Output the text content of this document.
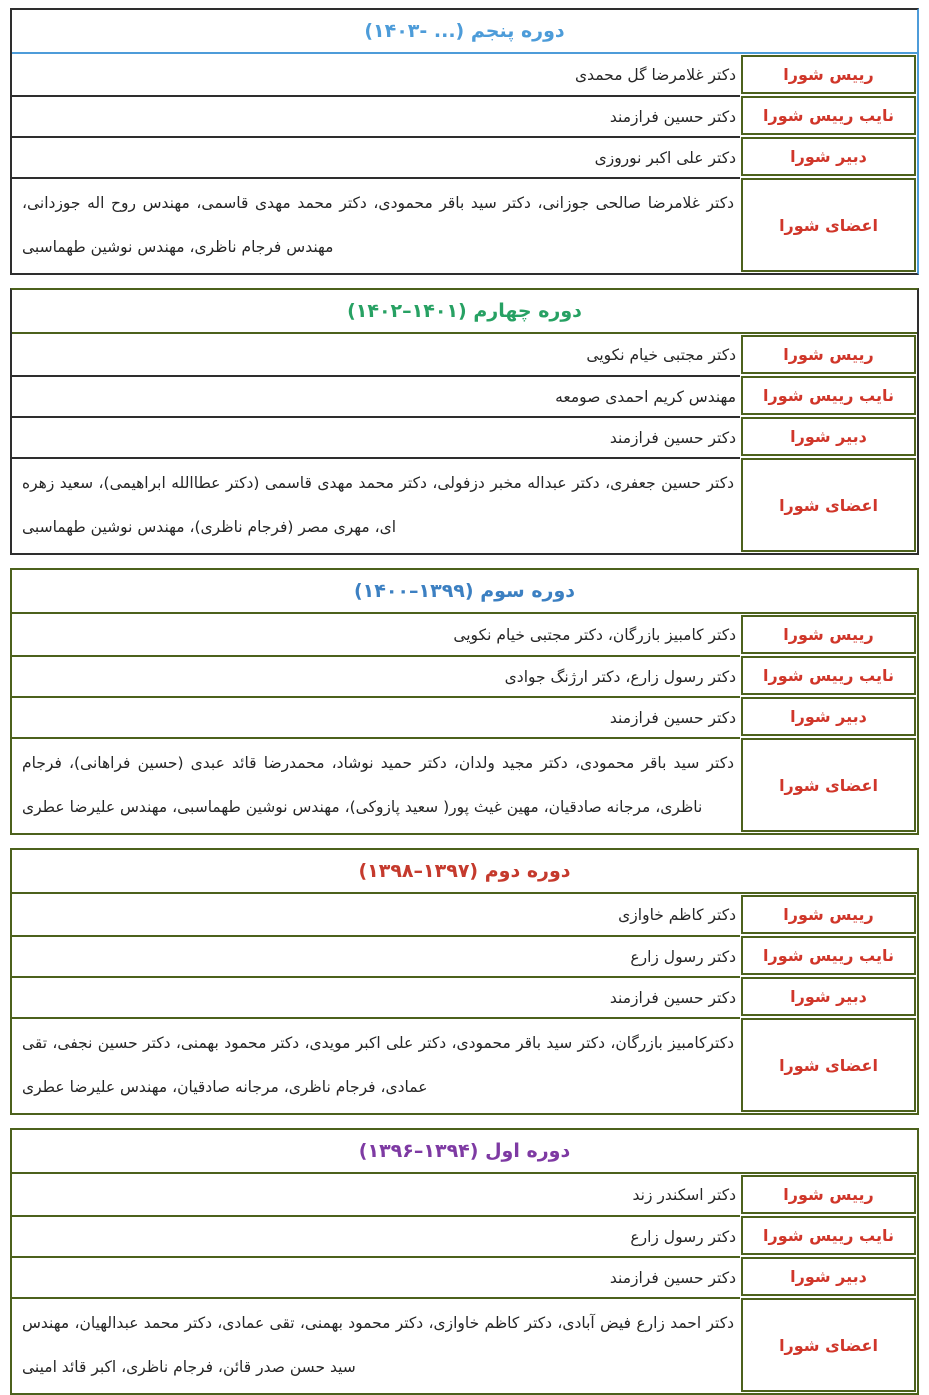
دوره پنجم (... -۱۴۰۳)
رییس شورا
دکتر غلامرضا گل محمدی
نایب رییس شورا
دکتر حسین فرازمند
دبیر شورا
دکتر علی اکبر نوروزی
اعضای شورا
دکتر غلامرضا صالحی جوزانی، دکتر سید باقر محمودی، دکتر محمد مهدی قاسمی، مهندس روح اله جوزدانی، مهندس فرجام ناظری، مهندس نوشین طهماسبی
دوره چهارم (۱۴۰۱–۱۴۰۲)
رییس شورا
دکتر مجتبی خیام نکویی
نایب رییس شورا
مهندس کریم احمدی صومعه
دبیر شورا
دکتر حسین فرازمند
اعضای شورا
دکتر حسین جعفری، دکتر عبداله مخبر دزفولی، دکتر محمد مهدی قاسمی (دکتر عطاالله ابراهیمی)، سعید زهره ای، مهری مصر (فرجام ناظری)، مهندس نوشین طهماسبی
دوره سوم (۱۳۹۹–۱۴۰۰)
رییس شورا
دکتر کامبیز بازرگان، دکتر مجتبی خیام نکویی
نایب رییس شورا
دکتر رسول زارع، دکتر ارژنگ جوادی
دبیر شورا
دکتر حسین فرازمند
اعضای شورا
دکتر سید باقر محمودی، دکتر مجید ولدان، دکتر حمید نوشاد، محمدرضا قائد عبدی (حسین فراهانی)، فرجام ناظری، مرجانه صادقیان، مهین غیث پور( سعید پازوکی)، مهندس نوشین طهماسبی، مهندس علیرضا عطری
دوره دوم (۱۳۹۷–۱۳۹۸)
رییس شورا
دکتر کاظم خاوازی
نایب رییس شورا
دکتر رسول زارع
دبیر شورا
دکتر حسین فرازمند
اعضای شورا
دکترکامبیز بازرگان، دکتر سید باقر محمودی، دکتر علی اکبر مویدی، دکتر محمود بهمنی، دکتر حسین نجفی، تقی عمادی، فرجام ناظری، مرجانه صادقیان، مهندس علیرضا عطری
دوره اول (۱۳۹۴–۱۳۹۶)
رییس شورا
دکتر اسکندر زند
نایب رییس شورا
دکتر رسول زارع
دبیر شورا
دکتر حسین فرازمند
اعضای شورا
دکتر احمد زارع فیض آبادی، دکتر کاظم خاوازی، دکتر محمود بهمنی، تقی عمادی، دکتر محمد عبدالهیان، مهندس سید حسن صدر قائن، فرجام ناظری، اکبر قائد امینی
